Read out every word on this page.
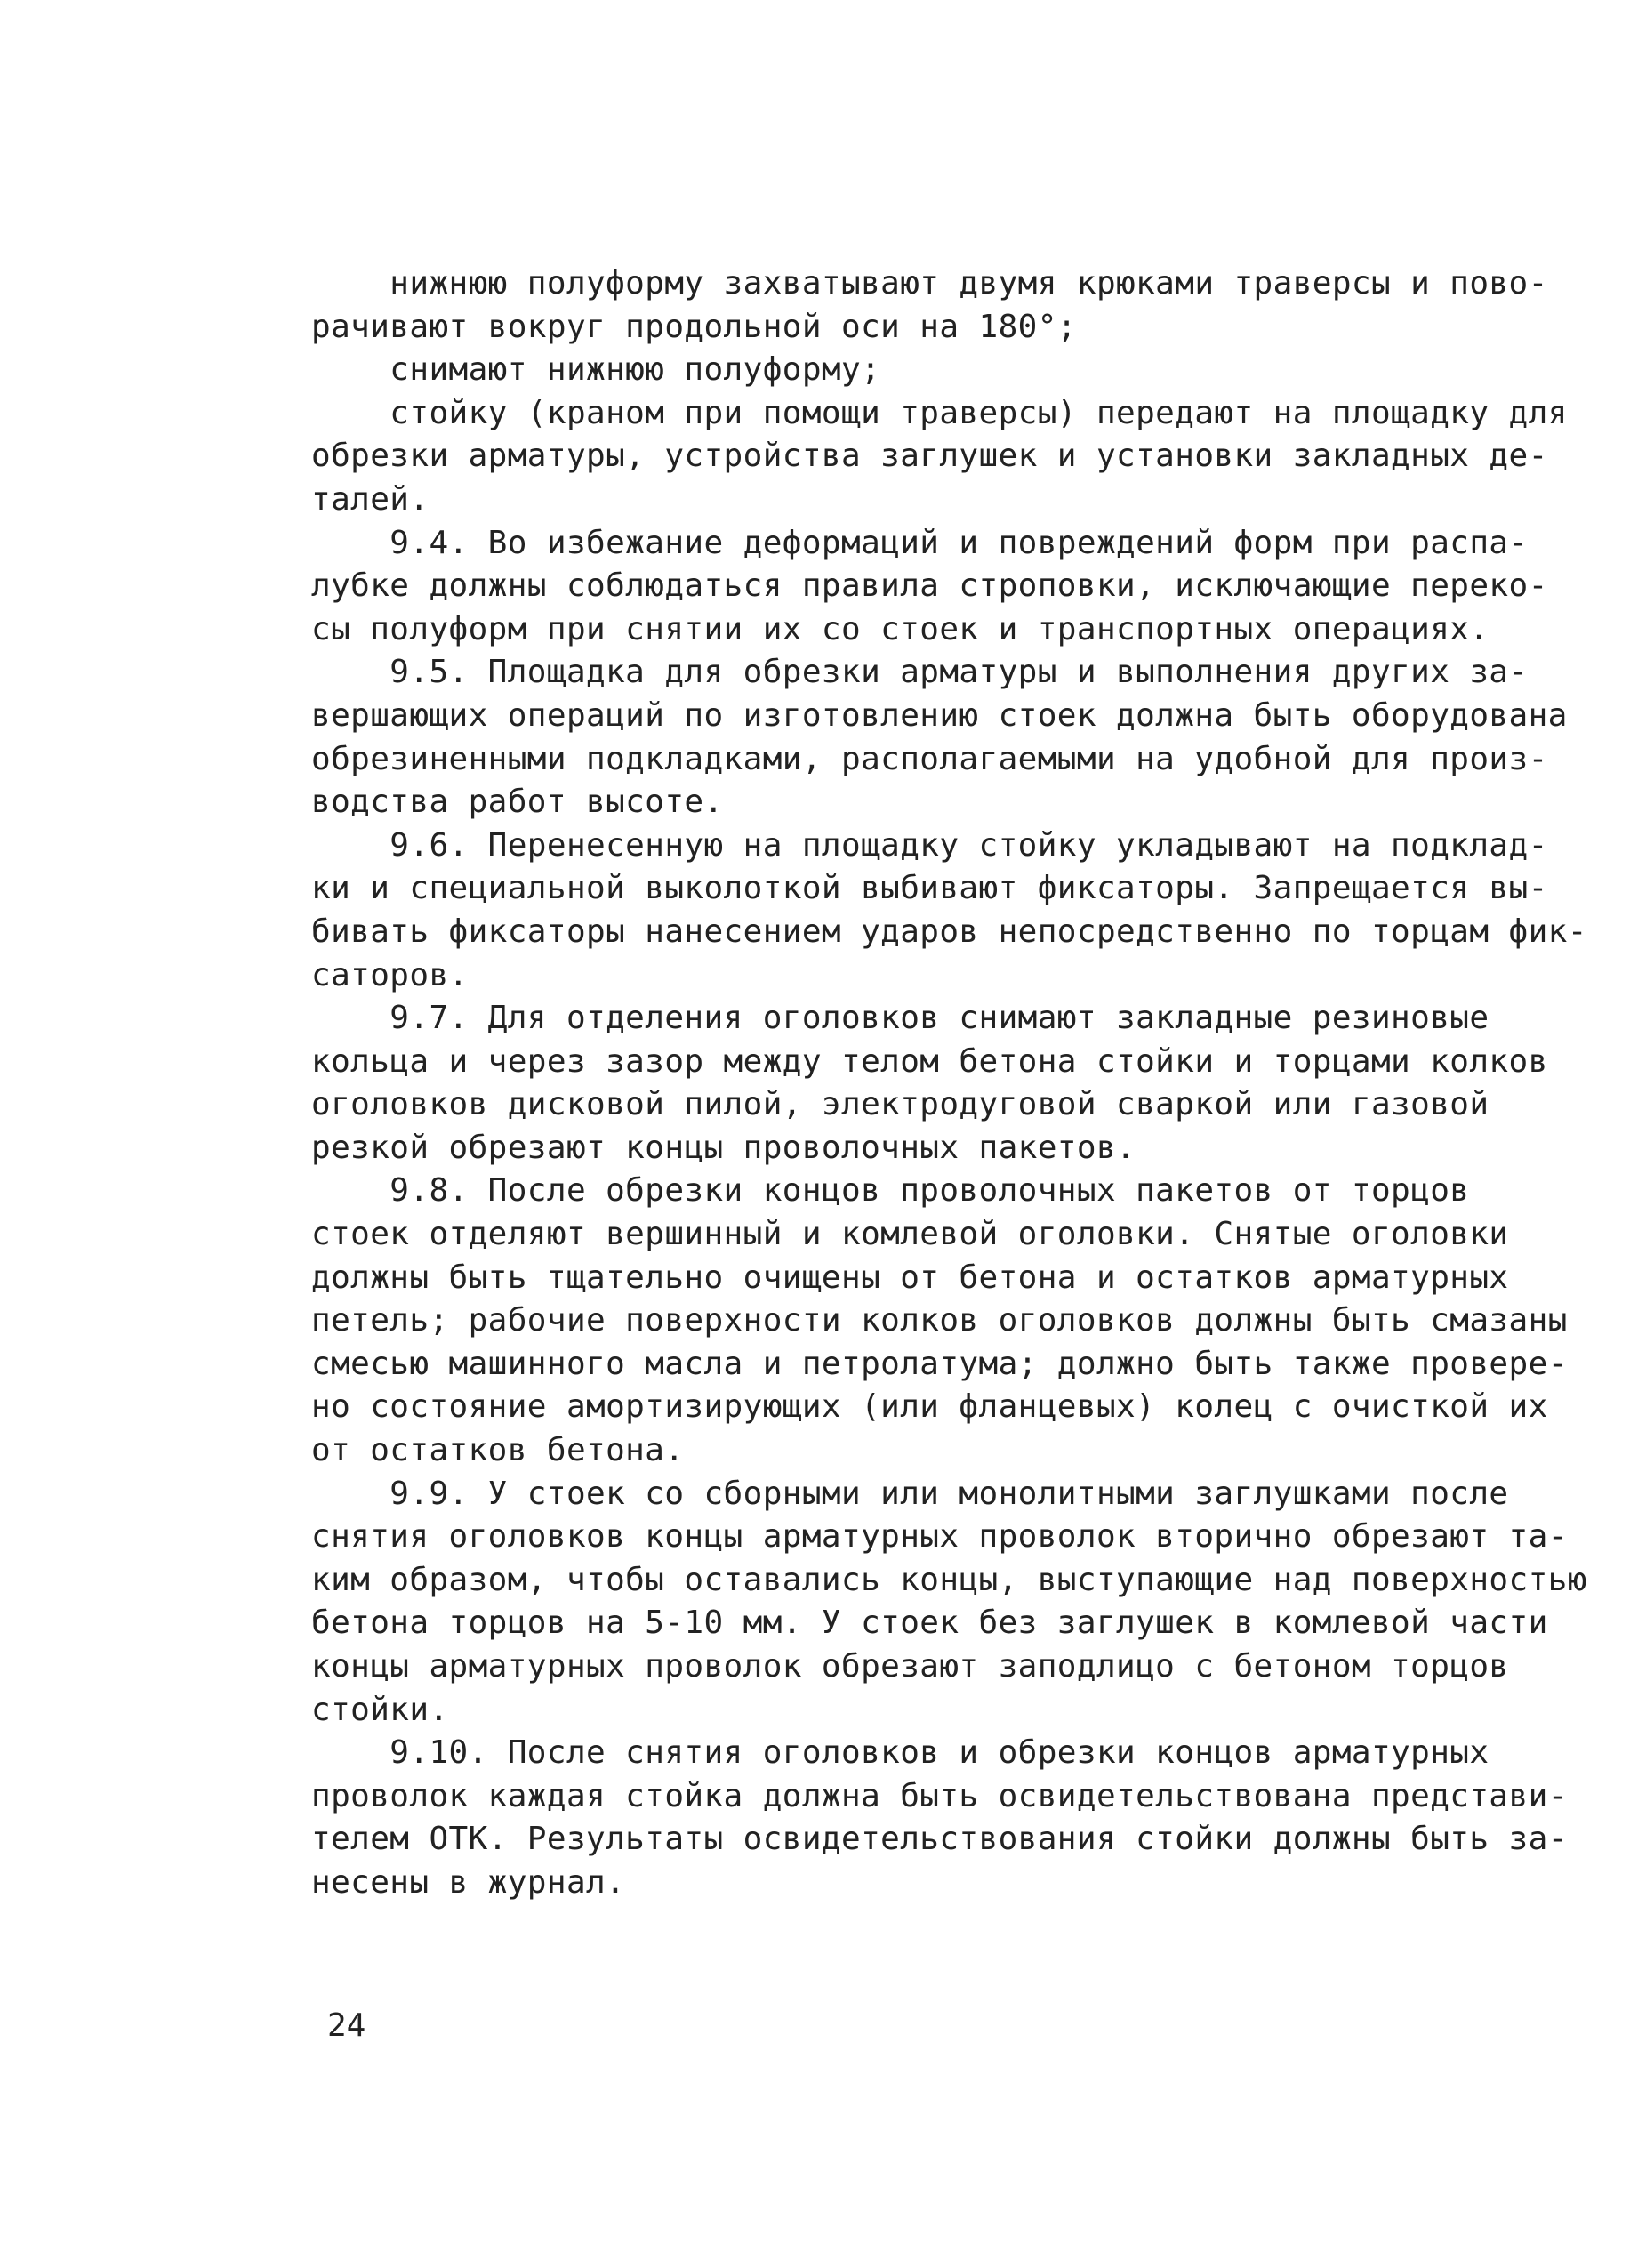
нижнюю полуформу захватывают двумя крюками траверсы и пово-
рачивают вокруг продольной оси на 180°;
снимают нижнюю полуформу;
стойку (краном при помощи траверсы) передают на площадку для
обрезки арматуры, устройства заглушек и установки закладных де-
талей.
9.4. Во избежание деформаций и повреждений форм при распа-
лубке должны соблюдаться правила строповки, исключающие переко-
сы полуформ при снятии их со стоек и транспортных операциях.
9.5. Площадка для обрезки арматуры и выполнения других за-
вершающих операций по изготовлению стоек должна быть оборудована
обрезиненными подкладками, располагаемыми на удобной для произ-
водства работ высоте.
9.6. Перенесенную на площадку стойку укладывают на подклад-
ки и специальной выколоткой выбивают фиксаторы. Запрещается вы-
бивать фиксаторы нанесением ударов непосредственно по торцам фик-
саторов.
9.7. Для отделения оголовков снимают закладные резиновые
кольца и через зазор между телом бетона стойки и торцами колков
оголовков дисковой пилой, электродуговой сваркой или газовой
резкой обрезают концы проволочных пакетов.
9.8. После обрезки концов проволочных пакетов от торцов
стоек отделяют вершинный и комлевой оголовки. Снятые оголовки
должны быть тщательно очищены от бетона и остатков арматурных
петель; рабочие поверхности колков оголовков должны быть смазаны
смесью машинного масла и петролатума; должно быть также провере-
но состояние амортизирующих (или фланцевых) колец с очисткой их
от остатков бетона.
9.9. У стоек со сборными или монолитными заглушками после
снятия оголовков концы арматурных проволок вторично обрезают та-
ким образом, чтобы оставались концы, выступающие над поверхностью
бетона торцов на 5-10 мм. У стоек без заглушек в комлевой части
концы арматурных проволок обрезают заподлицо с бетоном торцов
стойки.
9.10. После снятия оголовков и обрезки концов арматурных
проволок каждая стойка должна быть освидетельствована представи-
телем ОТК. Результаты освидетельствования стойки должны быть за-
несены в журнал.
24
